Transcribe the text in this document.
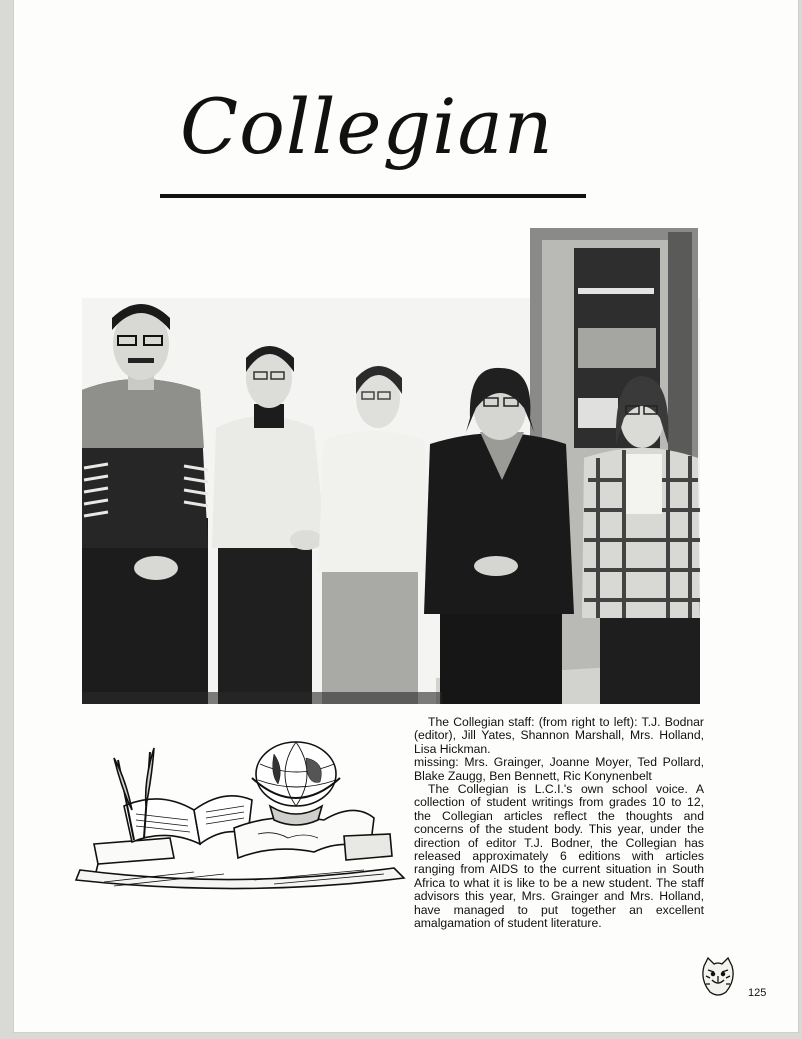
Collegian

The Collegian staff: (from right to left): T.J. Bodnar (editor), Jill Yates, Shannon Marshall, Mrs. Holland, Lisa Hickman.

missing: Mrs. Grainger, Joanne Moyer, Ted Pollard, Blake Zaugg, Ben Bennett, Ric Konynenbelt

The Collegian is L.C.I.'s own school voice. A collection of student writings from grades 10 to 12, the Collegian articles reflect the thoughts and concerns of the student body. This year, under the direction of editor T.J. Bodner, the Collegian has released approximately 6 editions with articles ranging from AIDS to the current situation in South Africa to what it is like to be a new student. The staff advisors this year, Mrs. Grainger and Mrs. Holland, have managed to put together an excellent amalgamation of student literature.

125
